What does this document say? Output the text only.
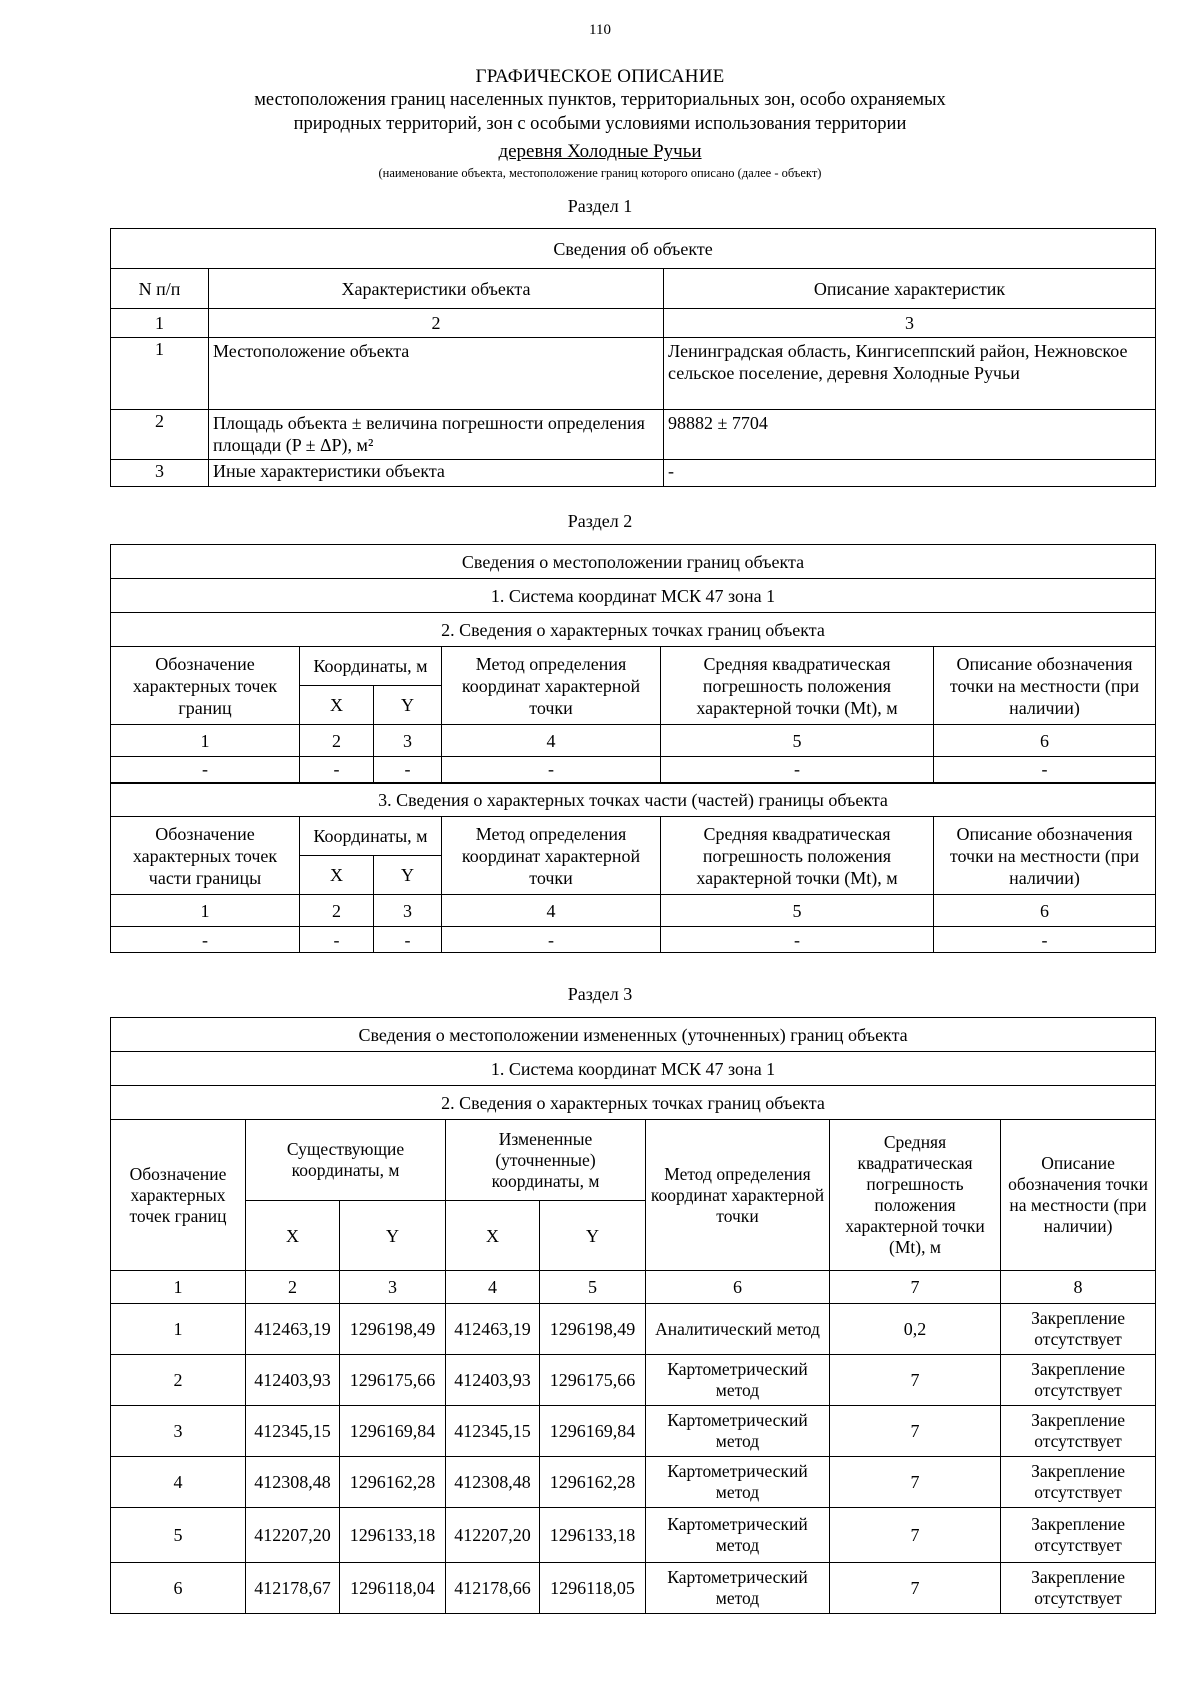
110
ГРАФИЧЕСКОЕ ОПИСАНИЕ
местоположения границ населенных пунктов, территориальных зон, особо охраняемых
природных территорий, зон с особыми условиями использования территории
деревня Холодные Ручьи
(наименование объекта, местоположение границ которого описано (далее - объект)
Раздел 1
Сведения об объекте		
N п/п	Характеристики объекта	Описание характеристик
1	2	3
1	Местоположение объекта	Ленинградская область, Кингисеппский район, Нежновское сельское поселение, деревня Холодные Ручьи
2	Площадь объекта ± величина погрешности определения площади (P ± ΔP), м²	98882 ± 7704
3	Иные характеристики объекта	-
Раздел 2
Сведения о местоположении границ объекта					
1. Система координат МСК 47 зона 1					
2. Сведения о характерных точках границ объекта					
Обозначение характерных точек границ	Координаты, м		Метод определения координат характерной точки	Средняя квадратическая погрешность положения характерной точки (Mt), м	Описание обозначения точки на местности (при наличии)
	X	Y			
1	2	3	4	5	6
-	-	-	-	-	-
3. Сведения о характерных точках части (частей) границы объекта					
Обозначение характерных точек части границы	Координаты, м		Метод определения координат характерной точки	Средняя квадратическая погрешность положения характерной точки (Mt), м	Описание обозначения точки на местности (при наличии)
	X	Y			
1	2	3	4	5	6
-	-	-	-	-	-
Раздел 3
Сведения о местоположении измененных (уточненных) границ объекта							
1. Система координат МСК 47 зона 1							
2. Сведения о характерных точках границ объекта							
Обозначение характерных точек границ	Существующие координаты, м		Измененные (уточненные) координаты, м		Метод определения координат характерной точки	Средняя квадратическая погрешность положения характерной точки (Mt), м	Описание обозначения точки на местности (при наличии)
	X	Y	X	Y			
1	2	3	4	5	6	7	8
1	412463,19	1296198,49	412463,19	1296198,49	Аналитический метод	0,2	Закрепление отсутствует
2	412403,93	1296175,66	412403,93	1296175,66	Картометрический метод	7	Закрепление отсутствует
3	412345,15	1296169,84	412345,15	1296169,84	Картометрический метод	7	Закрепление отсутствует
4	412308,48	1296162,28	412308,48	1296162,28	Картометрический метод	7	Закрепление отсутствует
5	412207,20	1296133,18	412207,20	1296133,18	Картометрический метод	7	Закрепление отсутствует
6	412178,67	1296118,04	412178,66	1296118,05	Картометрический метод	7	Закрепление отсутствует
